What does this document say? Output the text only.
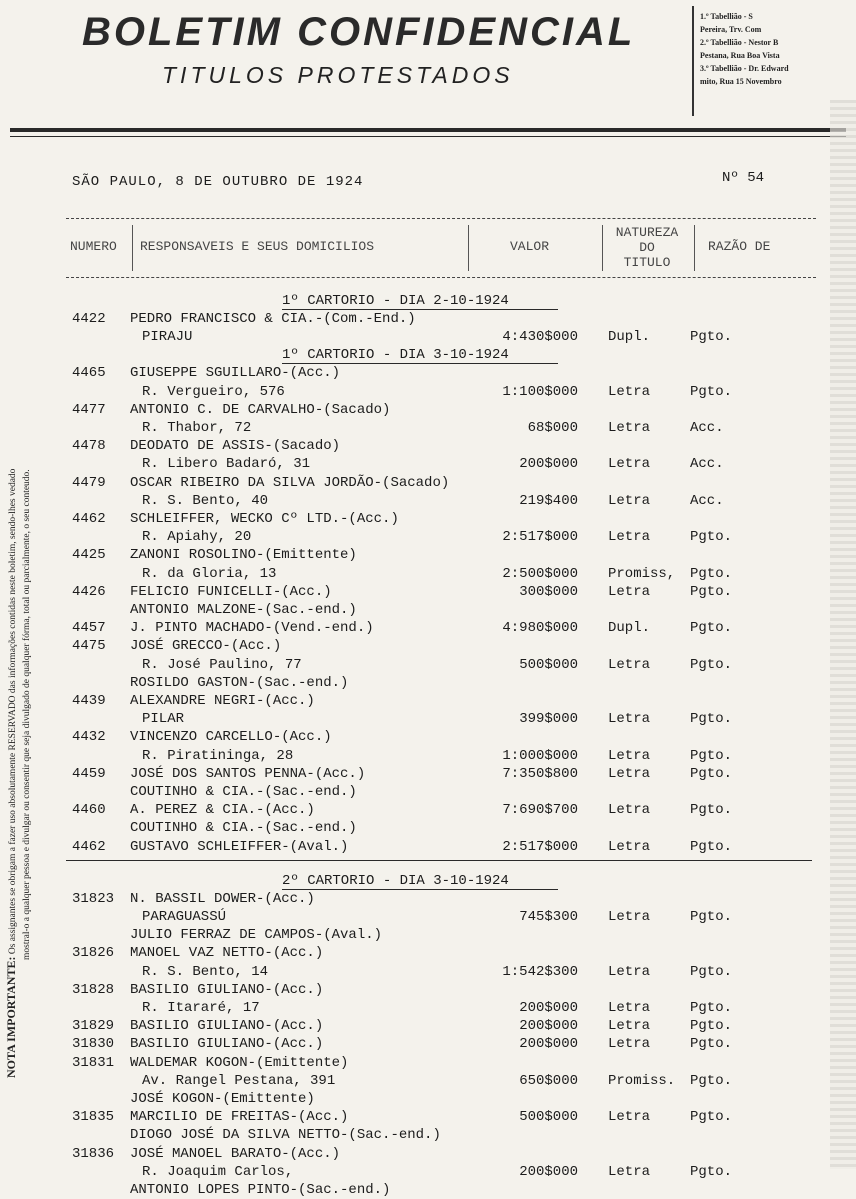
BOLETIM CONFIDENCIAL
TITULOS PROTESTADOS
1.º Tabellião - S
Pereira, Trv. Com
2.º Tabellião - Nestor B
Pestana, Rua Boa Vista
3.º Tabellião - Dr. Edward
mito, Rua 15 Novembro
SÃO PAULO, 8 DE OUTUBRO DE 1924	Nº 54
NUMERO RESPONSAVEIS E SEUS DOMICILIOS	VALOR
NATUREZA
DO
TITULO
RAZÃO DE
1º CARTORIO - DIA 2-10-1924
4422 PEDRO FRANCISCO & CIA.-(Com.-End.)
PIRAJU	4:430$000 Dupl.	Pgto.
1º CARTORIO - DIA 3-10-1924
4465 GIUSEPPE SGUILLARO-(Acc.)
R. Vergueiro, 576	1:100$000 Letra	Pgto.
4477 ANTONIO C. DE CARVALHO-(Sacado)
R. Thabor, 72	68$000 Letra	Acc.
4478 DEODATO DE ASSIS-(Sacado)
R. Libero Badaró, 31	200$000 Letra	Acc.
4479 OSCAR RIBEIRO DA SILVA JORDÃO-(Sacado)
R. S. Bento, 40	219$400 Letra	Acc.
4462 SCHLEIFFER, WECKO Cº LTD.-(Acc.)
R. Apiahy, 20	2:517$000 Letra	Pgto.
4425 ZANONI ROSOLINO-(Emittente)
R. da Gloria, 13	2:500$000 Promiss, Pgto.
4426 FELICIO FUNICELLI-(Acc.)	300$000 Letra	Pgto.
ANTONIO MALZONE-(Sac.-end.)
4457 J. PINTO MACHADO-(Vend.-end.)	4:980$000 Dupl.	Pgto.
4475 JOSÉ GRECCO-(Acc.)
R. José Paulino, 77	500$000 Letra	Pgto.
ROSILDO GASTON-(Sac.-end.)
4439 ALEXANDRE NEGRI-(Acc.)
PILAR	399$000 Letra	Pgto.
4432 VINCENZO CARCELLO-(Acc.)
R. Piratininga, 28	1:000$000 Letra	Pgto.
4459 JOSÉ DOS SANTOS PENNA-(Acc.)	7:350$800 Letra	Pgto.
COUTINHO & CIA.-(Sac.-end.)
4460 A. PEREZ & CIA.-(Acc.)	7:690$700 Letra	Pgto.
COUTINHO & CIA.-(Sac.-end.)
4462 GUSTAVO SCHLEIFFER-(Aval.)	2:517$000 Letra	Pgto.
2º CARTORIO - DIA 3-10-1924
31823 N. BASSIL DOWER-(Acc.)
PARAGUASSÚ	745$300 Letra	Pgto.
JULIO FERRAZ DE CAMPOS-(Aval.)
31826 MANOEL VAZ NETTO-(Acc.)
R. S. Bento, 14	1:542$300 Letra	Pgto.
31828 BASILIO GIULIANO-(Acc.)
R. Itararé, 17	200$000 Letra	Pgto.
31829 BASILIO GIULIANO-(Acc.)	200$000 Letra	Pgto.
31830 BASILIO GIULIANO-(Acc.)	200$000 Letra	Pgto.
31831 WALDEMAR KOGON-(Emittente)
Av. Rangel Pestana, 391	650$000 Promiss. Pgto.
JOSÉ KOGON-(Emittente)
31835 MARCILIO DE FREITAS-(Acc.)	500$000 Letra	Pgto.
DIOGO JOSÉ DA SILVA NETTO-(Sac.-end.)
31836 JOSÉ MANOEL BARATO-(Acc.)
R. Joaquim Carlos,	200$000 Letra	Pgto.
ANTONIO LOPES PINTO-(Sac.-end.)
NOTA IMPORTANTE: Os assignantes se obrigam a fazer uso absolutamente RESERVADO das informações contidas neste boletim, sendo-lhes vedado mostral-o a qualquer pessoa e divulgar ou consentir que seja divulgado de qualquer fórma, total ou parcialmente, o seu conteudo.
